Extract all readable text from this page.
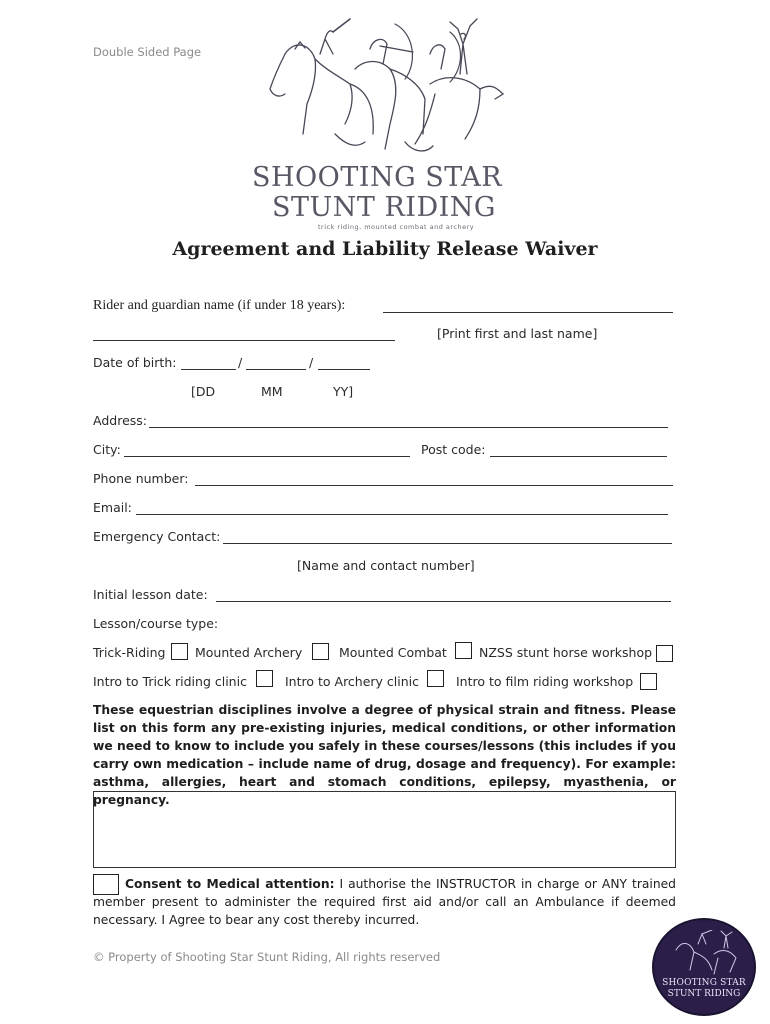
Double Sided Page
SHOOTING STAR
STUNT RIDING
trick riding, mounted combat and archery
Agreement and Liability Release Waiver
Rider and guardian name (if under 18 years):
[Print first and last name]
Date of birth:	/	/
[DD	MM	YY]
Address:
City:	Post code:
Phone number:
Email:
Emergency Contact:
[Name and contact number]
Initial lesson date:
Lesson/course type:
Trick-Riding Mounted Archery	Mounted Combat	NZSS stunt horse workshop
Intro to Trick riding clinic	Intro to Archery clinic	Intro to film riding workshop
These equestrian disciplines involve a degree of physical strain and fitness. Please list on this form any pre-existing injuries, medical conditions, or other information we need to know to include you safely in these courses/lessons (this includes if you carry own medication – include name of drug, dosage and frequency). For example: asthma, allergies, heart and stomach conditions, epilepsy, myasthenia, or pregnancy.
Consent to Medical attention: I authorise the INSTRUCTOR in charge or ANY trained member present to administer the required first aid and/or call an Ambulance if deemed necessary. I Agree to bear any cost thereby incurred.
© Property of Shooting Star Stunt Riding, All rights reserved
SHOOTING STAR
STUNT RIDING
